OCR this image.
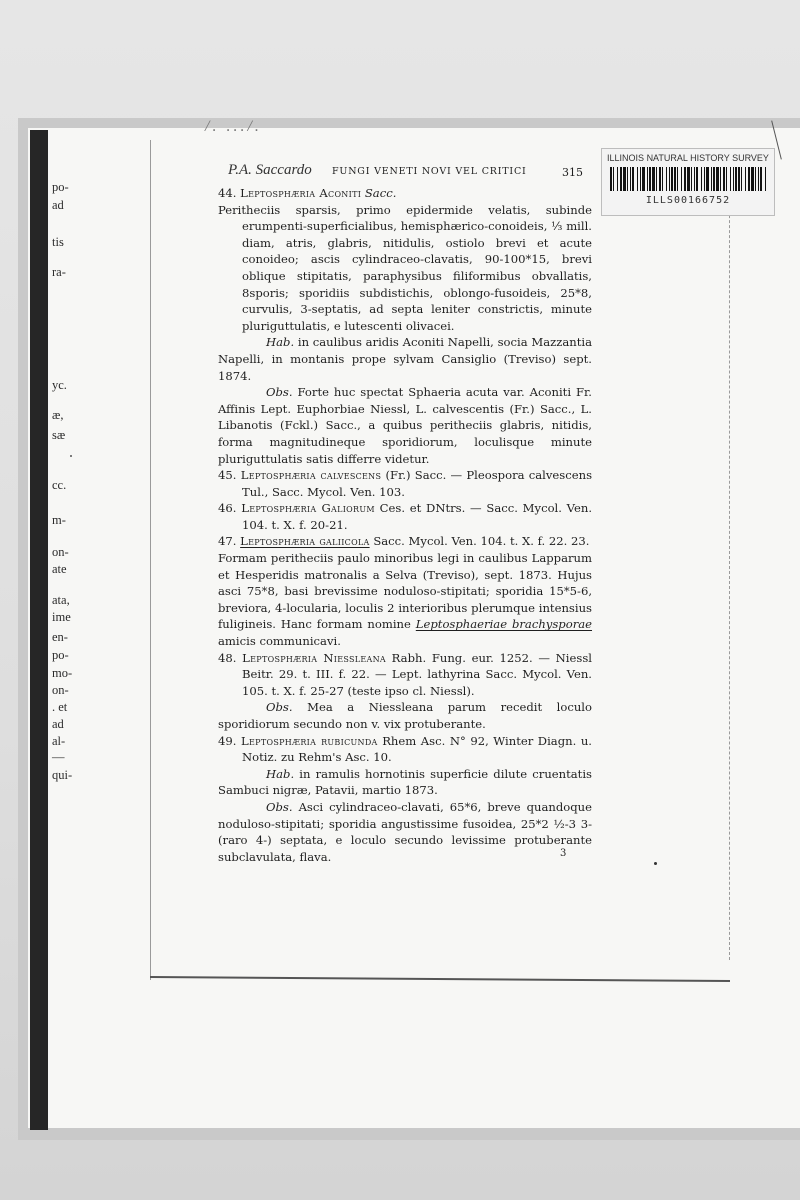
/. .../.
po-
ad
tis
ra-
yc.
æ,
sæ
cc.
m-
on-
ate
ata,
ime
en-
po-
mo-
on-
. et
ad
al-
—
qui-
ILLINOIS NATURAL HISTORY SURVEY
ILLS00166752
P.A. Saccardo FUNGI VENETI NOVI VEL CRITICI	315

44. Leptosphæria Aconiti Sacc.

Peritheciis sparsis, primo epidermide velatis, subinde erumpenti-superficialibus, hemisphærico-conoideis, ⅓ mill. diam, atris, glabris, nitidulis, ostiolo brevi et acute conoideo; ascis cylindraceo-clavatis, 90-100*15, brevi oblique stipitatis, paraphysibus filiformibus obvallatis, 8sporis; sporidiis subdistichis, oblongo-fusoideis, 25*8, curvulis, 3-septatis, ad septa leniter constrictis, minute pluriguttulatis, e lutescenti olivacei.

Hab. in caulibus aridis Aconiti Napelli, socia Mazzantia Napelli, in montanis prope sylvam Cansiglio (Treviso) sept. 1874.

Obs. Forte huc spectat Sphaeria acuta var. Aconiti Fr. Affinis Lept. Euphorbiae Niessl, L. calvescentis (Fr.) Sacc., L. Libanotis (Fckl.) Sacc., a quibus peritheciis glabris, nitidis, forma magnitudineque sporidiorum, loculisque minute pluriguttulatis satis differre videtur.

45. Leptosphæria calvescens (Fr.) Sacc. — Pleospora calvescens Tul., Sacc. Mycol. Ven. 103.

46. Leptosphæria Galiorum Ces. et DNtrs. — Sacc. Mycol. Ven. 104. t. X. f. 20-21.

47. Leptosphæria galiicola Sacc. Mycol. Ven. 104. t. X. f. 22. 23.

Formam peritheciis paulo minoribus legi in caulibus Lapparum et Hesperidis matronalis a Selva (Treviso), sept. 1873. Hujus asci 75*8, basi brevissime noduloso-stipitati; sporidia 15*5-6, breviora, 4-locularia, loculis 2 interioribus plerumque intensius fuligineis. Hanc formam nomine Leptosphaeriae brachysporae amicis communicavi.

48. Leptosphæria Niessleana Rabh. Fung. eur. 1252. — Niessl Beitr. 29. t. III. f. 22. — Lept. lathyrina Sacc. Mycol. Ven. 105. t. X. f. 25-27 (teste ipso cl. Niessl).

Obs. Mea a Niessleana parum recedit loculo sporidiorum secundo non v. vix protuberante.

49. Leptosphæria rubicunda Rhem Asc. N° 92, Winter Diagn. u. Notiz. zu Rehm's Asc. 10.

Hab. in ramulis hornotinis superficie dilute cruentatis Sambuci nigræ, Patavii, martio 1873.

Obs. Asci cylindraceo-clavati, 65*6, breve quandoque noduloso-stipitati; sporidia angustissime fusoidea, 25*2 ½-3 3-(raro 4-) septata, e loculo secundo levissime protuberante subclavulata, flava.	3
